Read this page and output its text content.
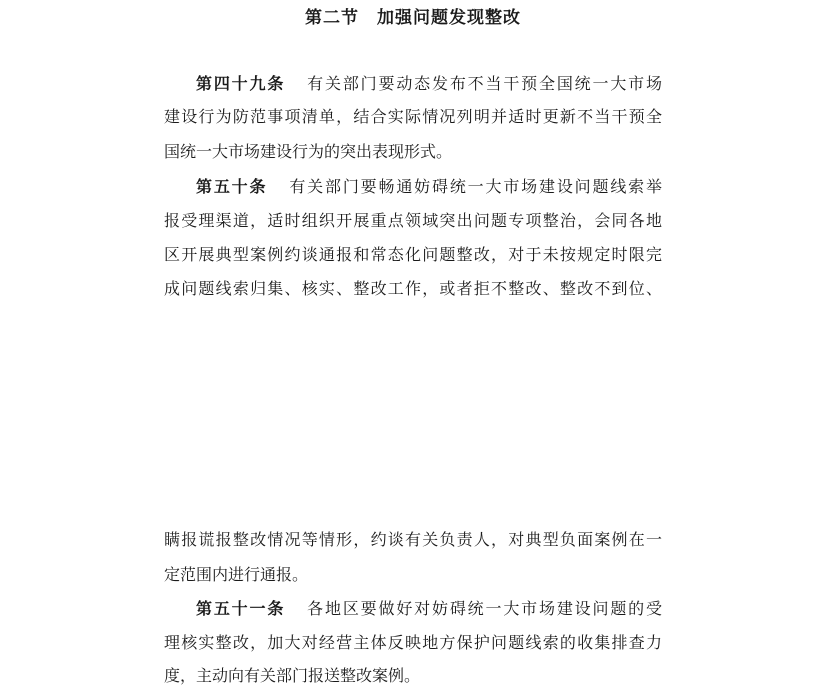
第二节　加强问题发现整改
第四十九条 有关部门要动态发布不当干预全国统一大市场
建设行为防范事项清单，结合实际情况列明并适时更新不当干预全
国统一大市场建设行为的突出表现形式。
第五十条 有关部门要畅通妨碍统一大市场建设问题线索举
报受理渠道，适时组织开展重点领域突出问题专项整治，会同各地
区开展典型案例约谈通报和常态化问题整改，对于未按规定时限完
成问题线索归集、核实、整改工作，或者拒不整改、整改不到位、
瞒报谎报整改情况等情形，约谈有关负责人，对典型负面案例在一
定范围内进行通报。
第五十一条 各地区要做好对妨碍统一大市场建设问题的受
理核实整改，加大对经营主体反映地方保护问题线索的收集排查力
度，主动向有关部门报送整改案例。
